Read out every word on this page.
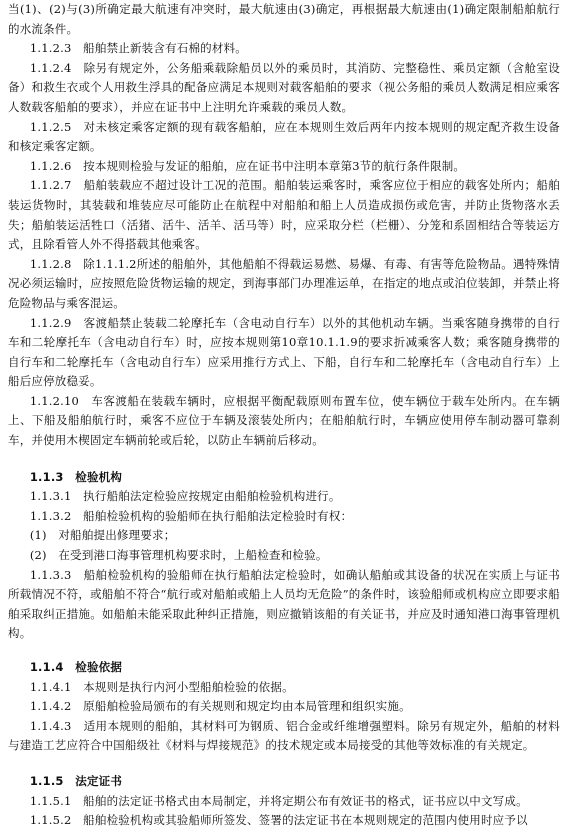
当(1)、(2)与(3)所确定最大航速有冲突时，最大航速由(3)确定，再根据最大航速由(1)确定限制船舶航行的水流条件。

1.1.2.3　船舶禁止新装含有石棉的材料。

1.1.2.4　除另有规定外，公务船乘载除船员以外的乘员时，其消防、完整稳性、乘员定额（含舱室设备）和救生衣或个人用救生浮具的配备应满足本规则对载客船舶的要求（视公务船的乘员人数满足相应乘客人数载客船舶的要求），并应在证书中上注明允许乘载的乘员人数。

1.1.2.5　对未核定乘客定额的现有载客船舶，应在本规则生效后两年内按本规则的规定配齐救生设备和核定乘客定额。

1.1.2.6　按本规则检验与发证的船舶，应在证书中注明本章第3节的航行条件限制。

1.1.2.7　船舶装载应不超过设计工况的范围。船舶装运乘客时，乘客应位于相应的载客处所内；船舶装运货物时，其装载和堆装应尽可能防止在航程中对船舶和船上人员造成损伤或危害，并防止货物落水丢失；船舶装运活牲口（活猪、活牛、活羊、活马等）时，应采取分栏（栏栅）、分笼和系固相结合等装运方式，且除看管人外不得搭载其他乘客。

1.1.2.8　除1.1.1.2所述的船舶外，其他船舶不得载运易燃、易爆、有毒、有害等危险物品。遇特殊情况必须运输时，应按照危险货物运输的规定，到海事部门办理准运单，在指定的地点或泊位装卸，并禁止将危险物品与乘客混运。

1.1.2.9　客渡船禁止装载二轮摩托车（含电动自行车）以外的其他机动车辆。当乘客随身携带的自行车和二轮摩托车（含电动自行车）时，应按本规则第10章10.1.1.9的要求折减乘客人数；乘客随身携带的自行车和二轮摩托车（含电动自行车）应采用推行方式上、下船，自行车和二轮摩托车（含电动自行车）上船后应停放稳妥。

1.1.2.10　车客渡船在装载车辆时，应根据平衡配载原则布置车位，使车辆位于载车处所内。在车辆上、下船及船舶航行时，乘客不应位于车辆及滚装处所内；在船舶航行时，车辆应使用停车制动器可靠刹车，并使用木楔固定车辆前轮或后轮，以防止车辆前后移动。

1.1.3　检验机构

1.1.3.1　执行船舶法定检验应按规定由船舶检验机构进行。

1.1.3.2　船舶检验机构的验船师在执行船舶法定检验时有权：

(1)　对船舶提出修理要求；

(2)　在受到港口海事管理机构要求时，上船检查和检验。

1.1.3.3　船舶检验机构的验船师在执行船舶法定检验时，如确认船舶或其设备的状况在实质上与证书所载情况不符，或船舶不符合“航行或对船舶或船上人员均无危险”的条件时，该验船师或机构应立即要求船舶采取纠正措施。如船舶未能采取此种纠正措施，则应撤销该船的有关证书，并应及时通知港口海事管理机构。

1.1.4　检验依据

1.1.4.1　本规则是执行内河小型船舶检验的依据。

1.1.4.2　原船舶检验局颁布的有关规则和规定均由本局管理和组织实施。

1.1.4.3　适用本规则的船舶，其材料可为钢质、铝合金或纤维增强塑料。除另有规定外，船舶的材料与建造工艺应符合中国船级社《材料与焊接规范》的技术规定或本局接受的其他等效标准的有关规定。

1.1.5　法定证书

1.1.5.1　船舶的法定证书格式由本局制定，并将定期公布有效证书的格式，证书应以中文写成。

1.1.5.2　船舶检验机构或其验船师所签发、签署的法定证书在本规则规定的范围内使用时应予以
